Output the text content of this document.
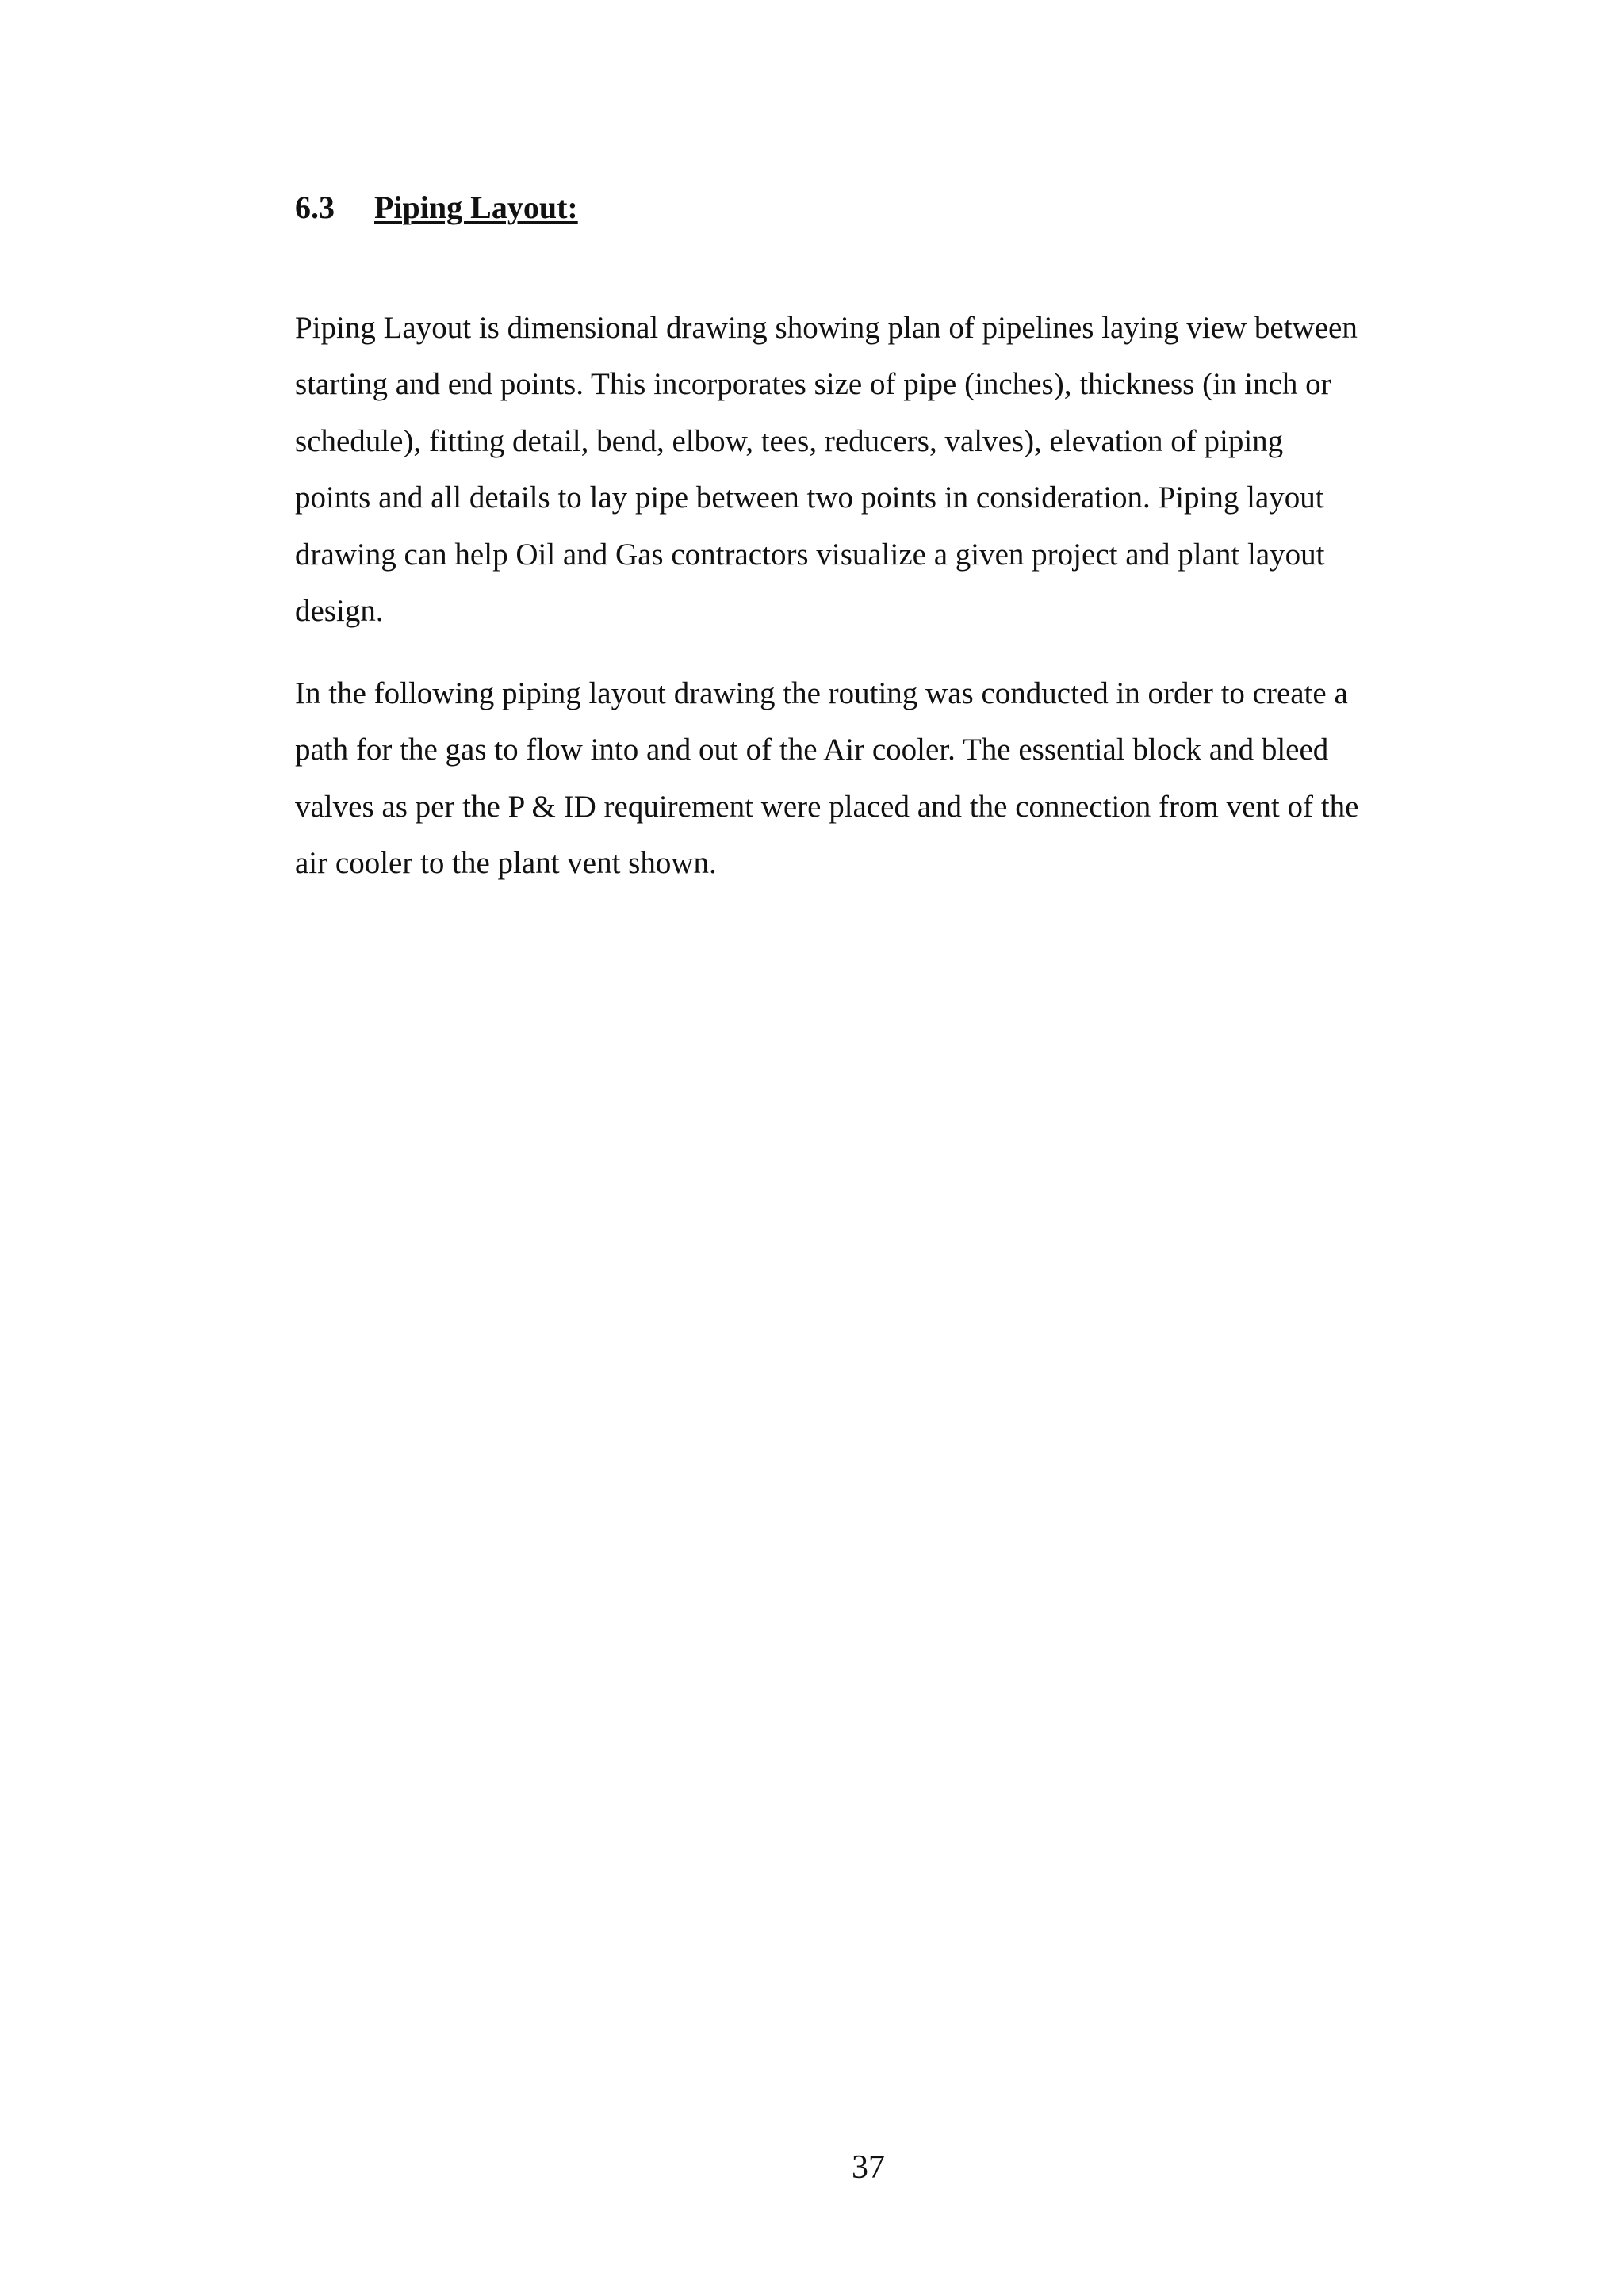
6.3 Piping Layout:

Piping Layout is dimensional drawing showing plan of pipelines laying view between
starting and end points. This incorporates size of pipe (inches), thickness (in inch or
schedule), fitting detail, bend, elbow, tees, reducers, valves), elevation of piping
points and all details to lay pipe between two points in consideration. Piping layout
drawing can help Oil and Gas contractors visualize a given project and plant layout
design.

In the following piping layout drawing the routing was conducted in order to create a
path for the gas to flow into and out of the Air cooler. The essential block and bleed
valves as per the P & ID requirement were placed and the connection from vent of the
air cooler to the plant vent shown.

37
